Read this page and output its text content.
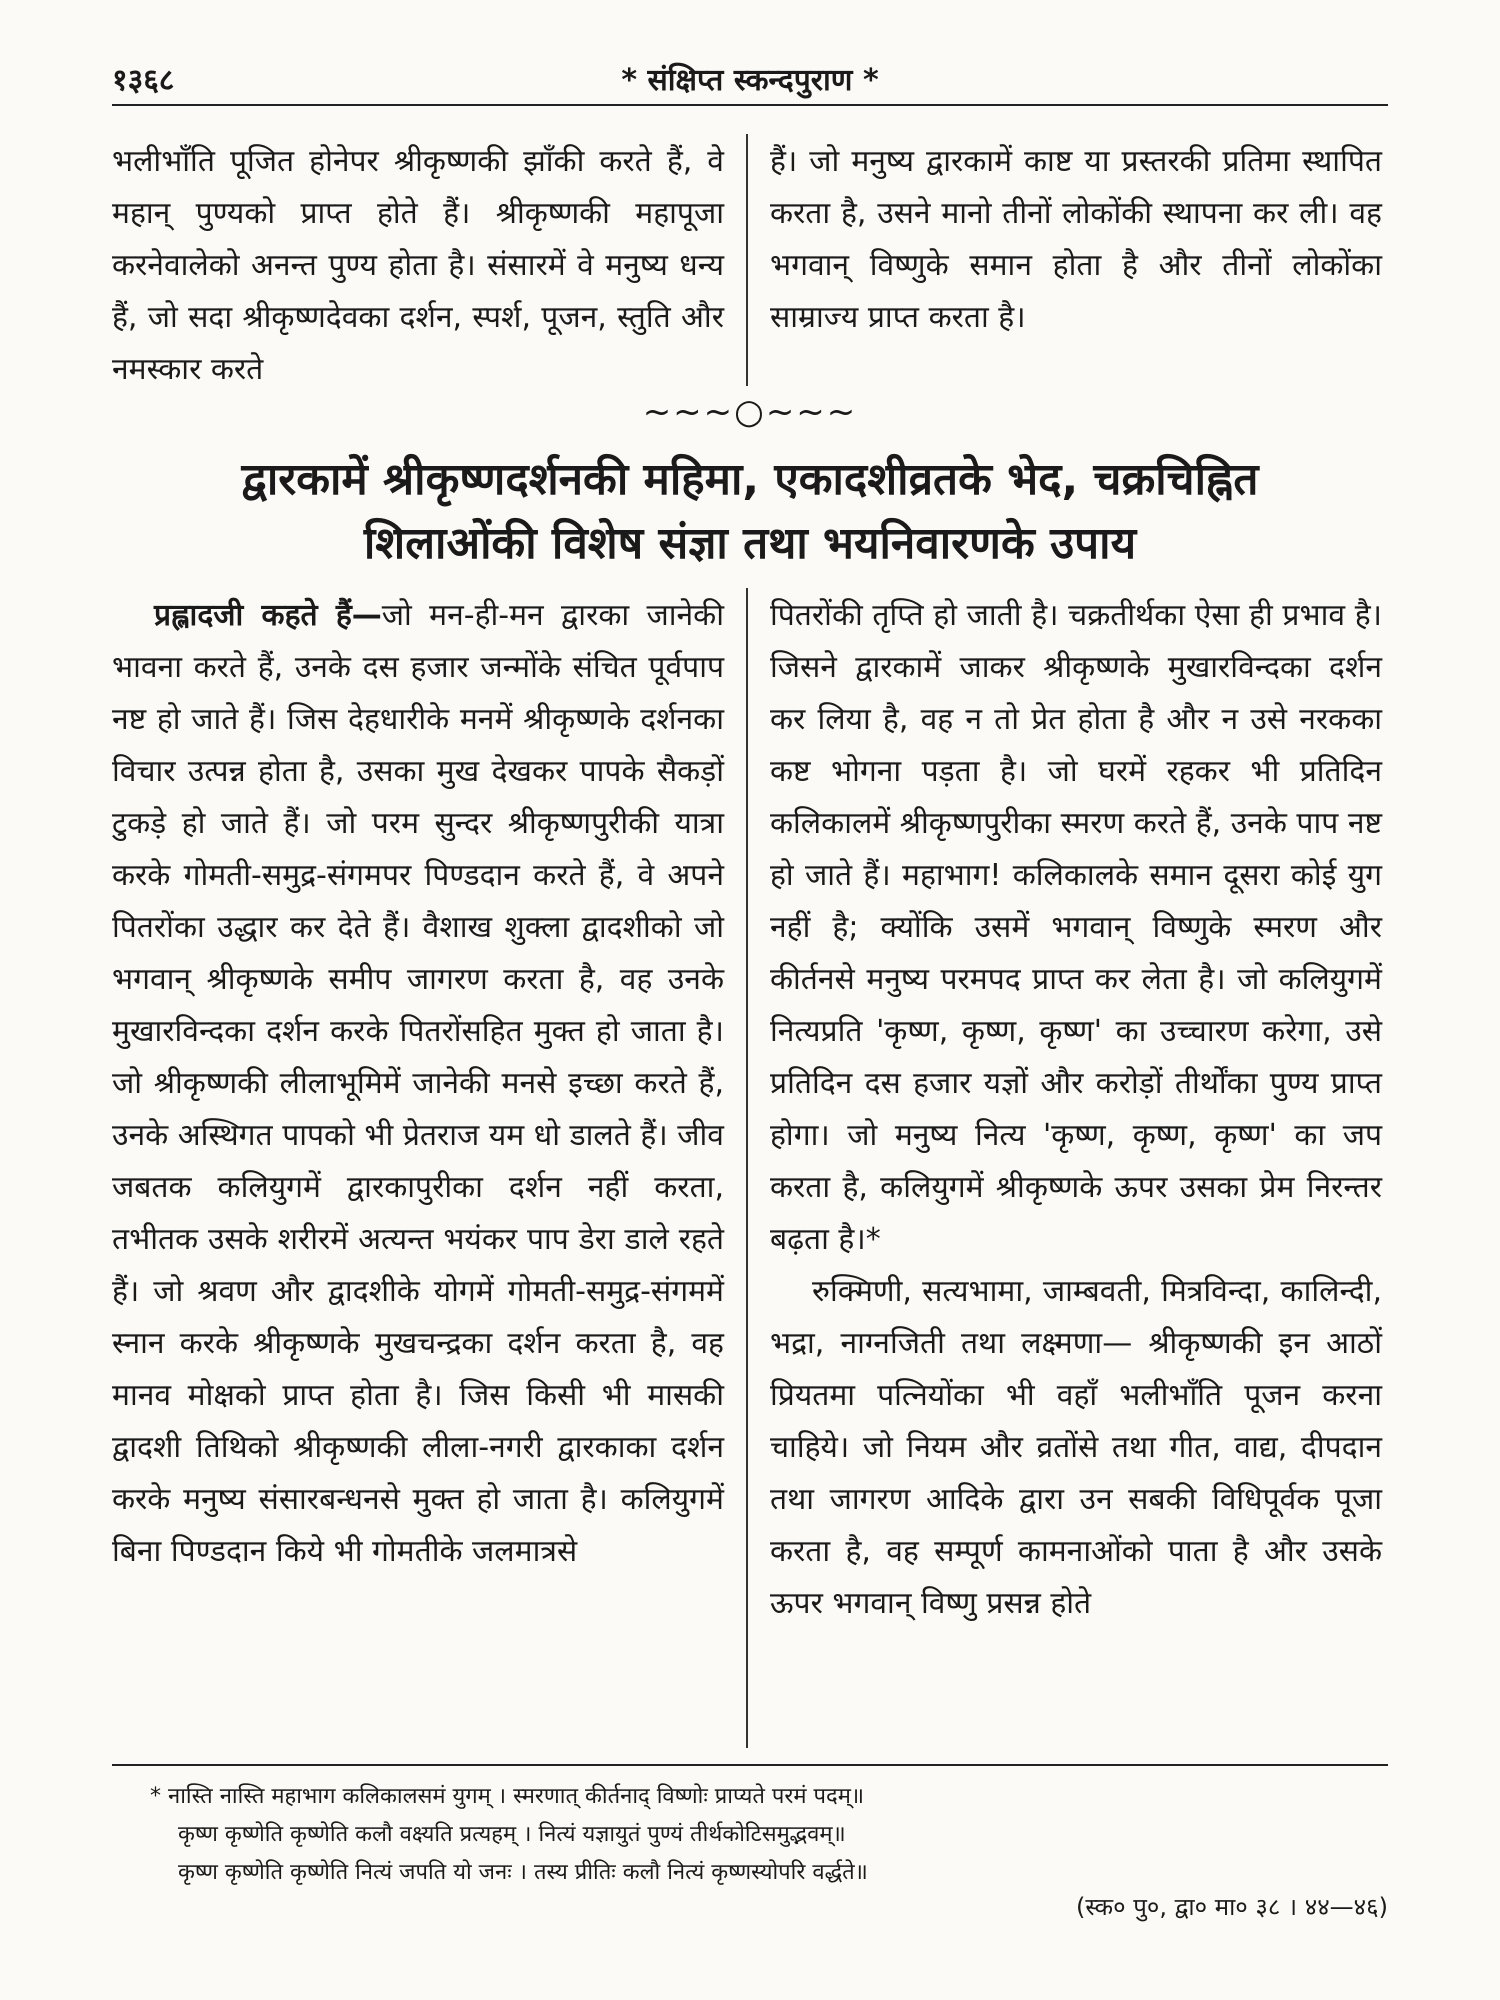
१३६८	* संक्षिप्त स्कन्दपुराण *

भलीभाँति पूजित होनेपर श्रीकृष्णकी झाँकी करते हैं, वे महान् पुण्यको प्राप्त होते हैं। श्रीकृष्णकी महापूजा करनेवालेको अनन्त पुण्य होता है। संसारमें वे मनुष्य धन्य हैं, जो सदा श्रीकृष्णदेवका दर्शन, स्पर्श, पूजन, स्तुति और नमस्कार करते

हैं। जो मनुष्य द्वारकामें काष्ट या प्रस्तरकी प्रतिमा स्थापित करता है, उसने मानो तीनों लोकोंकी स्थापना कर ली। वह भगवान् विष्णुके समान होता है और तीनों लोकोंका साम्राज्य प्राप्त करता है।

~~~○~~~
द्वारकामें श्रीकृष्णदर्शनकी महिमा, एकादशीव्रतके भेद, चक्रचिह्नित
शिलाओंकी विशेष संज्ञा तथा भयनिवारणके उपाय

प्रह्लादजी कहते हैं—जो मन-ही-मन द्वारका जानेकी भावना करते हैं, उनके दस हजार जन्मोंके संचित पूर्वपाप नष्ट हो जाते हैं। जिस देहधारीके मनमें श्रीकृष्णके दर्शनका विचार उत्पन्न होता है, उसका मुख देखकर पापके सैकड़ों टुकड़े हो जाते हैं। जो परम सुन्दर श्रीकृष्णपुरीकी यात्रा करके गोमती-समुद्र-संगमपर पिण्डदान करते हैं, वे अपने पितरोंका उद्धार कर देते हैं। वैशाख शुक्ला द्वादशीको जो भगवान् श्रीकृष्णके समीप जागरण करता है, वह उनके मुखारविन्दका दर्शन करके पितरोंसहित मुक्त हो जाता है। जो श्रीकृष्णकी लीलाभूमिमें जानेकी मनसे इच्छा करते हैं, उनके अस्थिगत पापको भी प्रेतराज यम धो डालते हैं। जीव जबतक कलियुगमें द्वारकापुरीका दर्शन नहीं करता, तभीतक उसके शरीरमें अत्यन्त भयंकर पाप डेरा डाले रहते हैं। जो श्रवण और द्वादशीके योगमें गोमती-समुद्र-संगममें स्नान करके श्रीकृष्णके मुखचन्द्रका दर्शन करता है, वह मानव मोक्षको प्राप्त होता है। जिस किसी भी मासकी द्वादशी तिथिको श्रीकृष्णकी लीला-नगरी द्वारकाका दर्शन करके मनुष्य संसारबन्धनसे मुक्त हो जाता है। कलियुगमें बिना पिण्डदान किये भी गोमतीके जलमात्रसे

पितरोंकी तृप्ति हो जाती है। चक्रतीर्थका ऐसा ही प्रभाव है। जिसने द्वारकामें जाकर श्रीकृष्णके मुखारविन्दका दर्शन कर लिया है, वह न तो प्रेत होता है और न उसे नरकका कष्ट भोगना पड़ता है। जो घरमें रहकर भी प्रतिदिन कलिकालमें श्रीकृष्णपुरीका स्मरण करते हैं, उनके पाप नष्ट हो जाते हैं। महाभाग! कलिकालके समान दूसरा कोई युग नहीं है; क्योंकि उसमें भगवान् विष्णुके स्मरण और कीर्तनसे मनुष्य परमपद प्राप्त कर लेता है। जो कलियुगमें नित्यप्रति 'कृष्ण, कृष्ण, कृष्ण' का उच्चारण करेगा, उसे प्रतिदिन दस हजार यज्ञों और करोड़ों तीर्थोंका पुण्य प्राप्त होगा। जो मनुष्य नित्य 'कृष्ण, कृष्ण, कृष्ण' का जप करता है, कलियुगमें श्रीकृष्णके ऊपर उसका प्रेम निरन्तर बढ़ता है।*

रुक्मिणी, सत्यभामा, जाम्बवती, मित्रविन्दा, कालिन्दी, भद्रा, नाग्नजिती तथा लक्ष्मणा— श्रीकृष्णकी इन आठों प्रियतमा पत्नियोंका भी वहाँ भलीभाँति पूजन करना चाहिये। जो नियम और व्रतोंसे तथा गीत, वाद्य, दीपदान तथा जागरण आदिके द्वारा उन सबकी विधिपूर्वक पूजा करता है, वह सम्पूर्ण कामनाओंको पाता है और उसके ऊपर भगवान् विष्णु प्रसन्न होते

* नास्ति नास्ति महाभाग कलिकालसमं युगम् । स्मरणात् कीर्तनाद् विष्णोः प्राप्यते परमं पदम्॥

कृष्ण कृष्णेति कृष्णेति कलौ वक्ष्यति प्रत्यहम् । नित्यं यज्ञायुतं पुण्यं तीर्थकोटिसमुद्भवम्॥

कृष्ण कृष्णेति कृष्णेति नित्यं जपति यो जनः । तस्य प्रीतिः कलौ नित्यं कृष्णस्योपरि वर्द्धते॥

(स्क० पु०, द्वा० मा० ३८ । ४४—४६)
